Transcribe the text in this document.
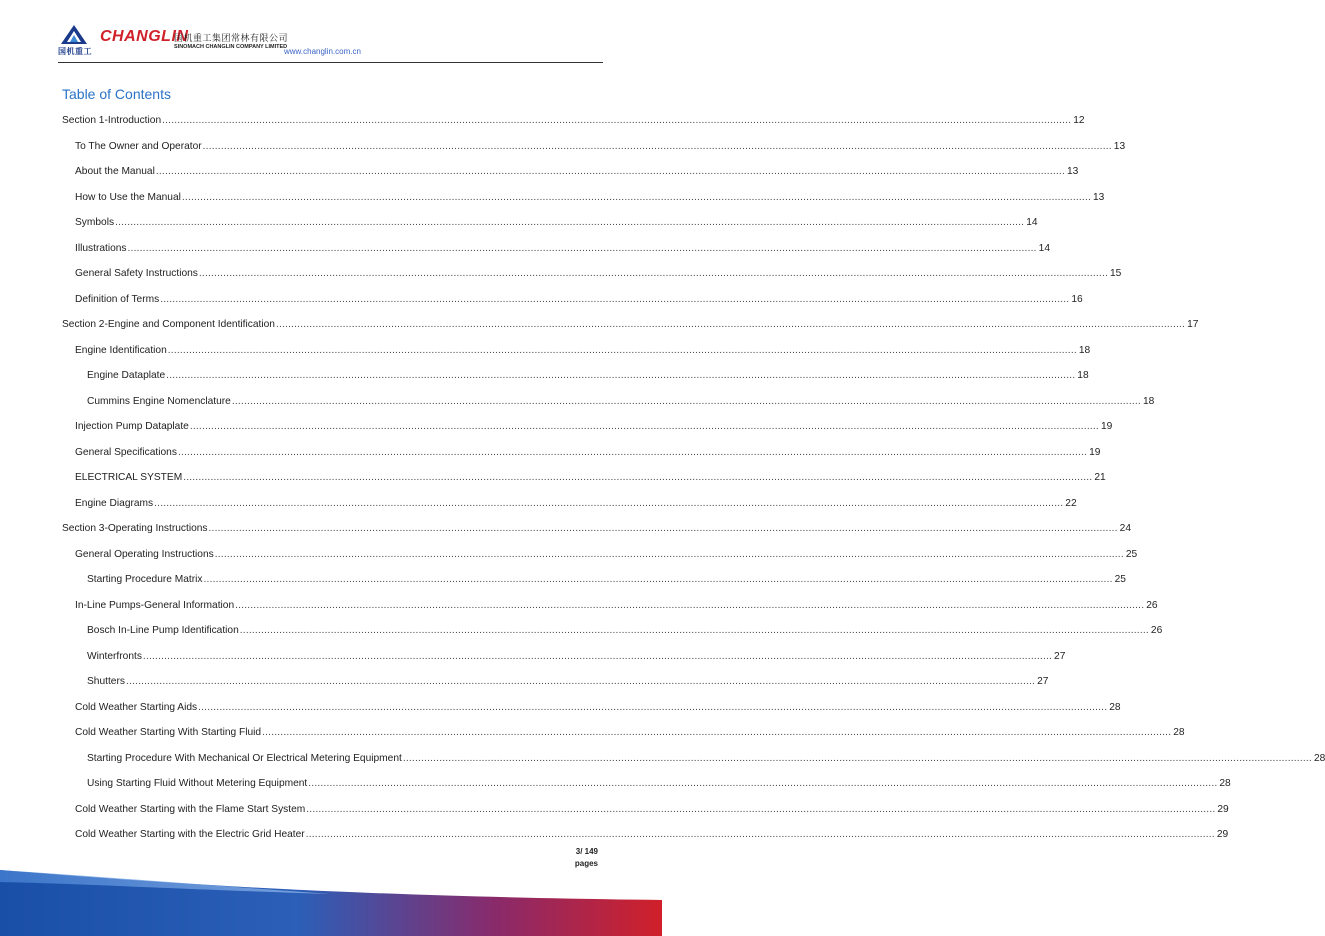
国机重工
CHANGLIN
国机重工集团常林有限公司
SINOMACH CHANGLIN COMPANY LIMITED
www.changlin.com.cn
Table of Contents
Section 1-Introduction ............................................................................................................................................................................................................................................................................................................ 12
To The Owner and Operator ............................................................................................................................................................................................................................................................................................................ 13
About the Manual ............................................................................................................................................................................................................................................................................................................ 13
How to Use the Manual ............................................................................................................................................................................................................................................................................................................ 13
Symbols ............................................................................................................................................................................................................................................................................................................ 14
Illustrations ............................................................................................................................................................................................................................................................................................................ 14
General Safety Instructions ............................................................................................................................................................................................................................................................................................................ 15
Definition of Terms ............................................................................................................................................................................................................................................................................................................ 16
Section 2-Engine and Component Identification ............................................................................................................................................................................................................................................................................................................ 17
Engine Identification ............................................................................................................................................................................................................................................................................................................ 18
Engine Dataplate ............................................................................................................................................................................................................................................................................................................ 18
Cummins Engine Nomenclature ............................................................................................................................................................................................................................................................................................................ 18
Injection Pump Dataplate ............................................................................................................................................................................................................................................................................................................ 19
General Specifications ............................................................................................................................................................................................................................................................................................................ 19
ELECTRICAL SYSTEM ............................................................................................................................................................................................................................................................................................................ 21
Engine Diagrams ............................................................................................................................................................................................................................................................................................................ 22
Section 3-Operating Instructions ............................................................................................................................................................................................................................................................................................................ 24
General Operating Instructions ............................................................................................................................................................................................................................................................................................................ 25
Starting Procedure Matrix ............................................................................................................................................................................................................................................................................................................ 25
In-Line Pumps-General Information ............................................................................................................................................................................................................................................................................................................ 26
Bosch In-Line Pump Identification ............................................................................................................................................................................................................................................................................................................ 26
Winterfronts ............................................................................................................................................................................................................................................................................................................ 27
Shutters ............................................................................................................................................................................................................................................................................................................ 27
Cold Weather Starting Aids ............................................................................................................................................................................................................................................................................................................ 28
Cold Weather Starting With Starting Fluid ............................................................................................................................................................................................................................................................................................................ 28
Starting Procedure With Mechanical Or Electrical Metering Equipment ............................................................................................................................................................................................................................................................................................................ 28
Using Starting Fluid Without Metering Equipment ............................................................................................................................................................................................................................................................................................................ 28
Cold Weather Starting with the Flame Start System ............................................................................................................................................................................................................................................................................................................ 29
Cold Weather Starting with the Electric Grid Heater ............................................................................................................................................................................................................................................................................................................ 29
3/ 149
pages
